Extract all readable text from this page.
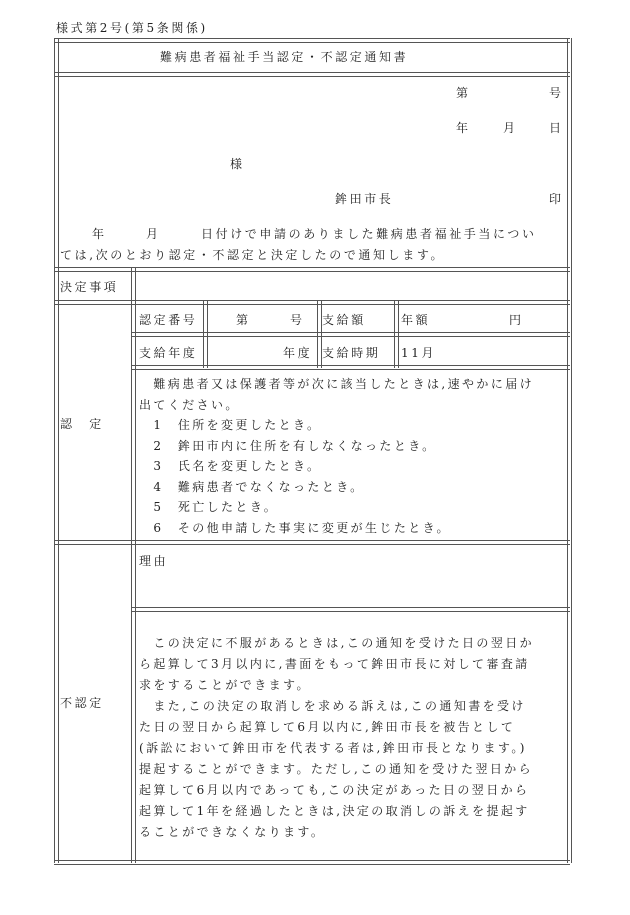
様式第2号(第5条関係)
難病患者福祉手当認定・不認定通知書
第	号
年	月	日
様
鉾田市長	印
年	月	日付けで申請のありました難病患者福祉手当につい
ては,次のとおり認定・不認定と決定したので通知します。
決定事項
認　定
認定番号	第	号 支給額	年額	円
支給年度	年度 支給時期 11月
　難病患者又は保護者等が次に該当したときは,速やかに届け
出てください。
　1　住所を変更したとき。
　2　鉾田市内に住所を有しなくなったとき。
　3　氏名を変更したとき。
　4　難病患者でなくなったとき。
　5　死亡したとき。
　6　その他申請した事実に変更が生じたとき。
不認定
理由
　この決定に不服があるときは,この通知を受けた日の翌日か
ら起算して3月以内に,書面をもって鉾田市長に対して審査請
求をすることができます。
　また,この決定の取消しを求める訴えは,この通知書を受け
た日の翌日から起算して6月以内に,鉾田市長を被告として
(訴訟において鉾田市を代表する者は,鉾田市長となります。)
提起することができます。ただし,この通知を受けた翌日から
起算して6月以内であっても,この決定があった日の翌日から
起算して1年を経過したときは,決定の取消しの訴えを提起す
ることができなくなります。
